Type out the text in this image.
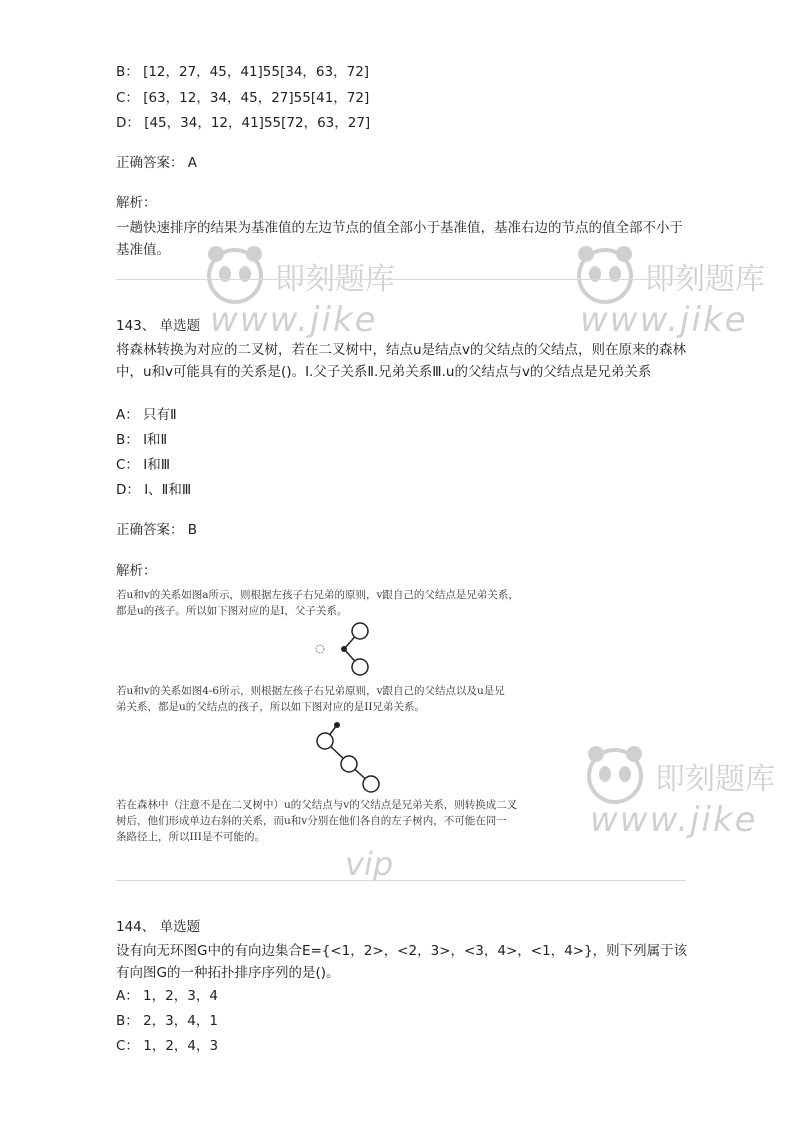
即刻题库
www.jike
即刻题库
www.jike
即刻题库
www.jike
vip
B： [12，27，45，41]55[34，63，72]
C： [63，12，34，45，27]55[41，72]
D： [45，34，12，41]55[72，63，27]
正确答案： A
解析：
一趟快速排序的结果为基准值的左边节点的值全部小于基准值，基准右边的节点的值全部不小于基准值。
143、 单选题
将森林转换为对应的二叉树，若在二叉树中，结点u是结点v的父结点的父结点，则在原来的森林中，u和v可能具有的关系是()。Ⅰ.父子关系Ⅱ.兄弟关系Ⅲ.u的父结点与v的父结点是兄弟关系
A： 只有Ⅱ
B： Ⅰ和Ⅱ
C： Ⅰ和Ⅲ
D： Ⅰ、Ⅱ和Ⅲ
正确答案： B
解析：
若u和v的关系如图a所示，则根据左孩子右兄弟的原则，v跟自己的父结点是兄弟关系，
都是u的孩子。所以如下图对应的是I，父子关系。
若u和v的关系如图4-6所示，则根据左孩子右兄弟原则，v跟自己的父结点以及u是兄
弟关系，都是u的父结点的孩子，所以如下图对应的是II兄弟关系。
若在森林中（注意不是在二叉树中）u的父结点与v的父结点是兄弟关系，则转换成二叉
树后，他们形成单边右斜的关系，而u和v分别在他们各自的左子树内，不可能在同一
条路径上，所以III是不可能的。
144、 单选题
设有向无环图G中的有向边集合E={<1，2>，<2，3>，<3，4>，<1，4>}，则下列属于该有向图G的一种拓扑排序序列的是()。
A： 1，2，3，4
B： 2，3，4，1
C： 1，2，4，3
